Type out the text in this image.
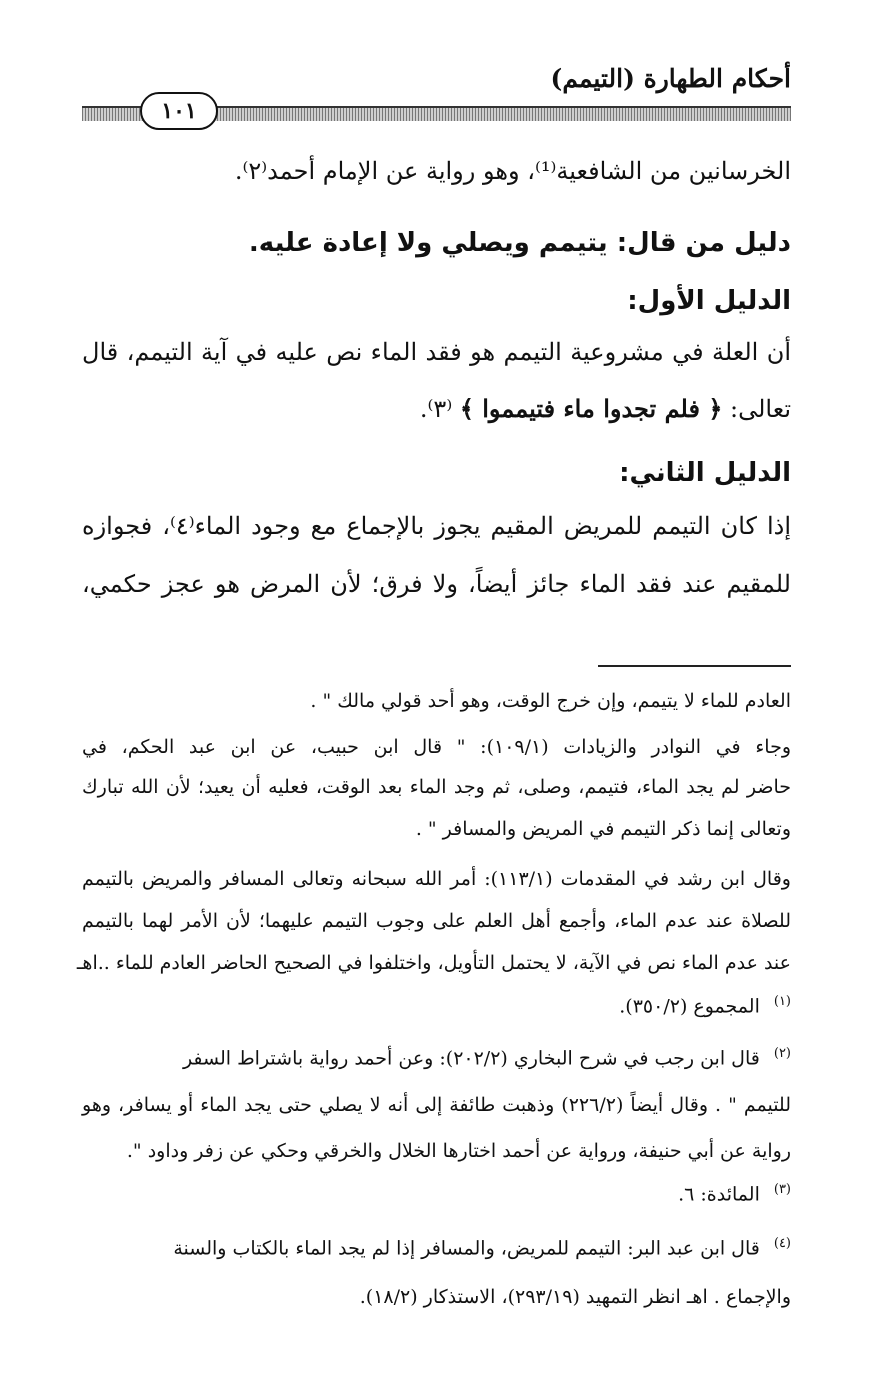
أحكام الطهارة (التيمم)
١٠١
الخرسانين من الشافعية⁽¹⁾، وهو رواية عن الإمام أحمد⁽٢⁾.
دليل من قال: يتيمم ويصلي ولا إعادة عليه.
الدليل الأول:
أن العلة في مشروعية التيمم هو فقد الماء نص عليه في آية التيمم، قال
تعالى: ﴿ فلم تجدوا ماء فتيمموا ﴾ ⁽٣⁾.
الدليل الثاني:
إذا كان التيمم للمريض المقيم يجوز بالإجماع مع وجود الماء⁽٤⁾، فجوازه
للمقيم عند فقد الماء جائز أيضاً، ولا فرق؛ لأن المرض هو عجز حكمي،
العادم للماء لا يتيمم، وإن خرج الوقت، وهو أحد قولي مالك " .
وجاء في النوادر والزيادات (١٠٩/١): " قال ابن حبيب، عن ابن عبد الحكم، في
حاضر لم يجد الماء، فتيمم، وصلى، ثم وجد الماء بعد الوقت، فعليه أن يعيد؛ لأن الله تبارك
وتعالى إنما ذكر التيمم في المريض والمسافر " .
وقال ابن رشد في المقدمات (١١٣/١): أمر الله سبحانه وتعالى المسافر والمريض بالتيمم
للصلاة عند عدم الماء، وأجمع أهل العلم على وجوب التيمم عليهما؛ لأن الأمر لهما بالتيمم
عند عدم الماء نص في الآية، لا يحتمل التأويل، واختلفوا في الصحيح الحاضر العادم للماء ..اهـ
$^{(١)}$المجموع (٣٥٠/٢).
$^{(٢)}$قال ابن رجب في شرح البخاري (٢٠٢/٢): وعن أحمد رواية باشتراط السفر
للتيمم " . وقال أيضاً (٢٢٦/٢) وذهبت طائفة إلى أنه لا يصلي حتى يجد الماء أو يسافر، وهو
رواية عن أبي حنيفة، ورواية عن أحمد اختارها الخلال والخرقي وحكي عن زفر وداود ".
$^{(٣)}$المائدة: ٦.
$^{(٤)}$قال ابن عبد البر: التيمم للمريض، والمسافر إذا لم يجد الماء بالكتاب والسنة
والإجماع . اهـ انظر التمهيد (٢٩٣/١٩)، الاستذكار (١٨/٢).
